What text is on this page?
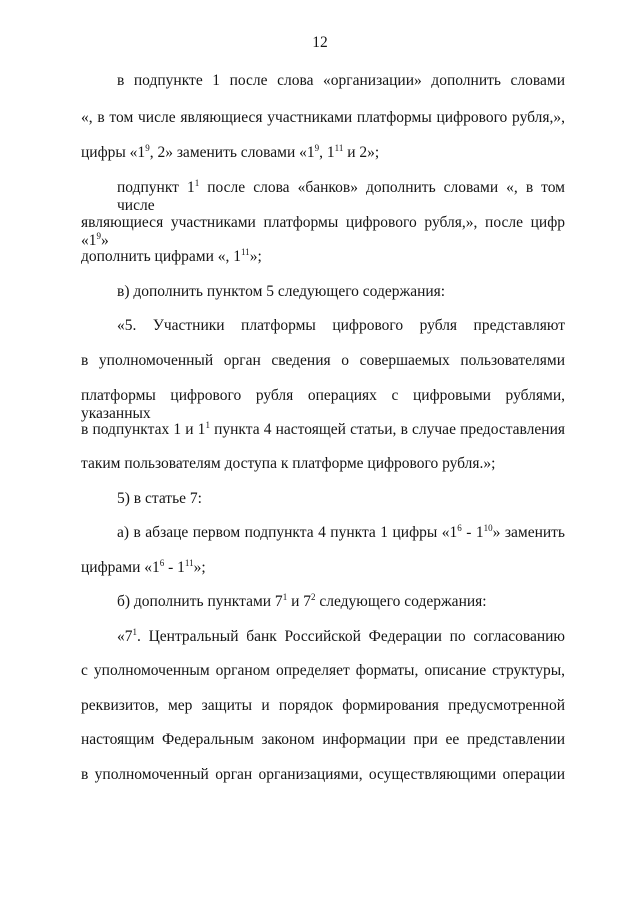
12
в подпункте 1 после слова «организации» дополнить словами
«, в том числе являющиеся участниками платформы цифрового рубля,»,
цифры «$1^9$, 2» заменить словами «$1^9$, $1^{11}$ и 2»;
подпункт $1^1$ после слова «банков» дополнить словами «, в том числе
являющиеся участниками платформы цифрового рубля,», после цифр «$1^9$»
дополнить цифрами «, $1^{11}$»;
в) дополнить пунктом 5 следующего содержания:
«5. Участники платформы цифрового рубля представляют
в уполномоченный орган сведения о совершаемых пользователями
платформы цифрового рубля операциях с цифровыми рублями, указанных
в подпунктах 1 и $1^1$ пункта 4 настоящей статьи, в случае предоставления
таким пользователям доступа к платформе цифрового рубля.»;
5) в статье 7:
а) в абзаце первом подпункта 4 пункта 1 цифры «$1^6 - 1^{10}$» заменить
цифрами «$1^6 - 1^{11}$»;
б) дополнить пунктами $7^1$ и $7^2$ следующего содержания:
«$7^1$. Центральный банк Российской Федерации по согласованию
с уполномоченным органом определяет форматы, описание структуры,
реквизитов, мер защиты и порядок формирования предусмотренной
настоящим Федеральным законом информации при ее представлении
в уполномоченный орган организациями, осуществляющими операции
